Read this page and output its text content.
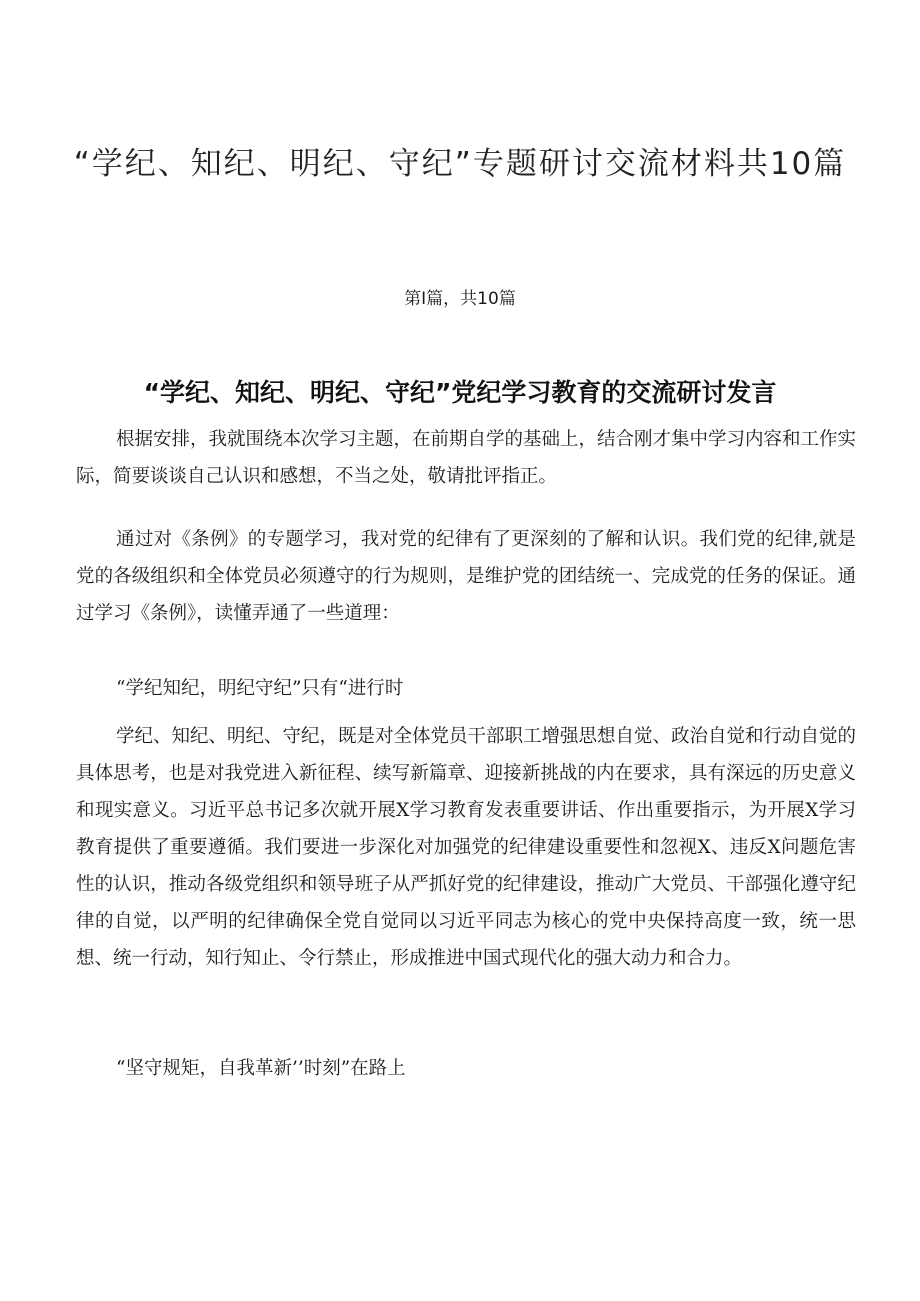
“学纪、知纪、明纪、守纪”专题研讨交流材料共10篇
第Ⅰ篇，共10篇
“学纪、知纪、明纪、守纪”党纪学习教育的交流研讨发言

根据安排，我就围绕本次学习主题，在前期自学的基础上，结合刚才集中学习内容和工作实际，简要谈谈自己认识和感想，不当之处，敬请批评指正。

通过对《条例》的专题学习，我对党的纪律有了更深刻的了解和认识。我们党的纪律,就是党的各级组织和全体党员必须遵守的行为规则，是维护党的团结统一、完成党的任务的保证。通过学习《条例》，读懂弄通了一些道理：

“学纪知纪，明纪守纪”只有“进行时

学纪、知纪、明纪、守纪，既是对全体党员干部职工增强思想自觉、政治自觉和行动自觉的具体思考，也是对我党进入新征程、续写新篇章、迎接新挑战的内在要求，具有深远的历史意义和现实意义。习近平总书记多次就开展X学习教育发表重要讲话、作出重要指示，为开展X学习教育提供了重要遵循。我们要进一步深化对加强党的纪律建设重要性和忽视X、违反X问题危害性的认识，推动各级党组织和领导班子从严抓好党的纪律建设，推动广大党员、干部强化遵守纪律的自觉，以严明的纪律确保全党自觉同以习近平同志为核心的党中央保持高度一致，统一思想、统一行动，知行知止、令行禁止，形成推进中国式现代化的强大动力和合力。

“坚守规矩，自我革新’’时刻”在路上
